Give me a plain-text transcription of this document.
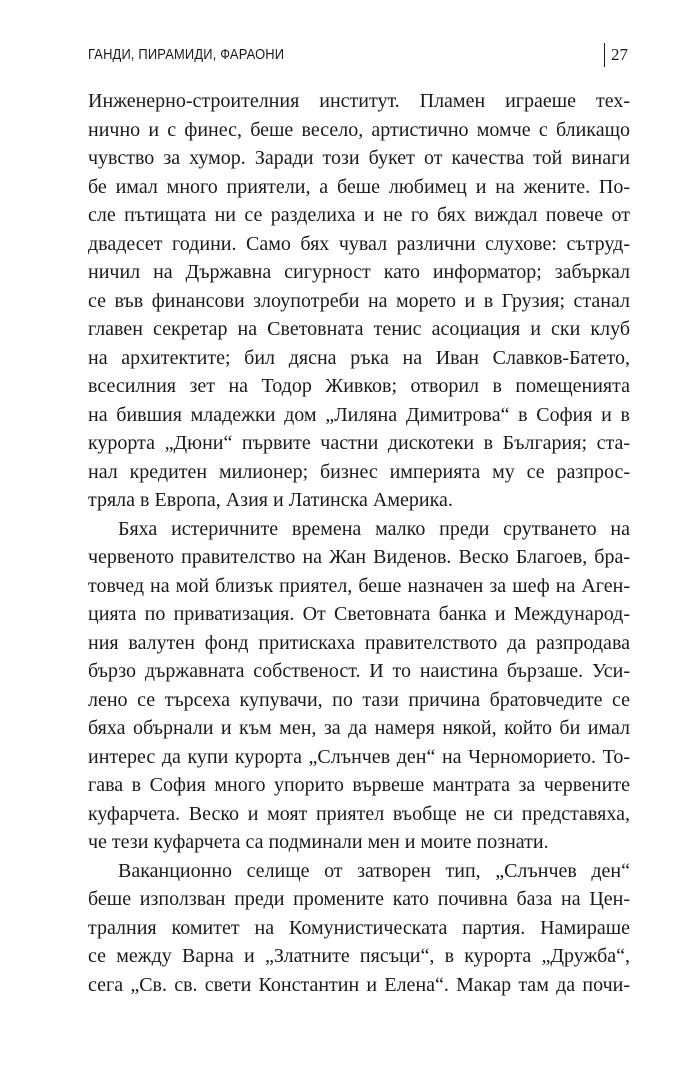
ГАНДИ, ПИРАМИДИ, ФАРАОНИ	27
Инженерно-строителния институт. Пламен играеше тех-
нично и с финес, беше весело, артистично момче с бликащо
чувство за хумор. Заради този букет от качества той винаги
бе имал много приятели, а беше любимец и на жените. По-
сле пътищата ни се разделиха и не го бях виждал повече от
двадесет години. Само бях чувал различни слухове: сътруд-
ничил на Държавна сигурност като информатор; забъркал
се във финансови злоупотреби на морето и в Грузия; станал
главен секретар на Световната тенис асоциация и ски клуб
на архитектите; бил дясна ръка на Иван Славков-Батето,
всесилния зет на Тодор Живков; отворил в помещенията
на бившия младежки дом „Лиляна Димитрова“ в София и в
курорта „Дюни“ първите частни дискотеки в България; ста-
нал кредитен милионер; бизнес империята му се разпрос-
тряла в Европа, Азия и Латинска Америка.
Бяха истеричните времена малко преди срутването на
червеното правителство на Жан Виденов. Веско Благоев, бра-
товчед на мой близък приятел, беше назначен за шеф на Аген-
цията по приватизация. От Световната банка и Международ-
ния валутен фонд притискаха правителството да разпродава
бързо държавната собственост. И то наистина бързаше. Уси-
лено се търсеха купувачи, по тази причина братовчедите се
бяха обърнали и към мен, за да намеря някой, който би имал
интерес да купи курорта „Слънчев ден“ на Черноморието. То-
гава в София много упорито вървеше мантрата за червените
куфарчета. Веско и моят приятел въобще не си представяха,
че тези куфарчета са подминали мен и моите познати.
Ваканционно селище от затворен тип, „Слънчев ден“
беше използван преди промените като почивна база на Цен-
тралния комитет на Комунистическата партия. Намираше
се между Варна и „Златните пясъци“, в курорта „Дружба“,
сега „Св. св. свети Константин и Елена“. Макар там да почи-
